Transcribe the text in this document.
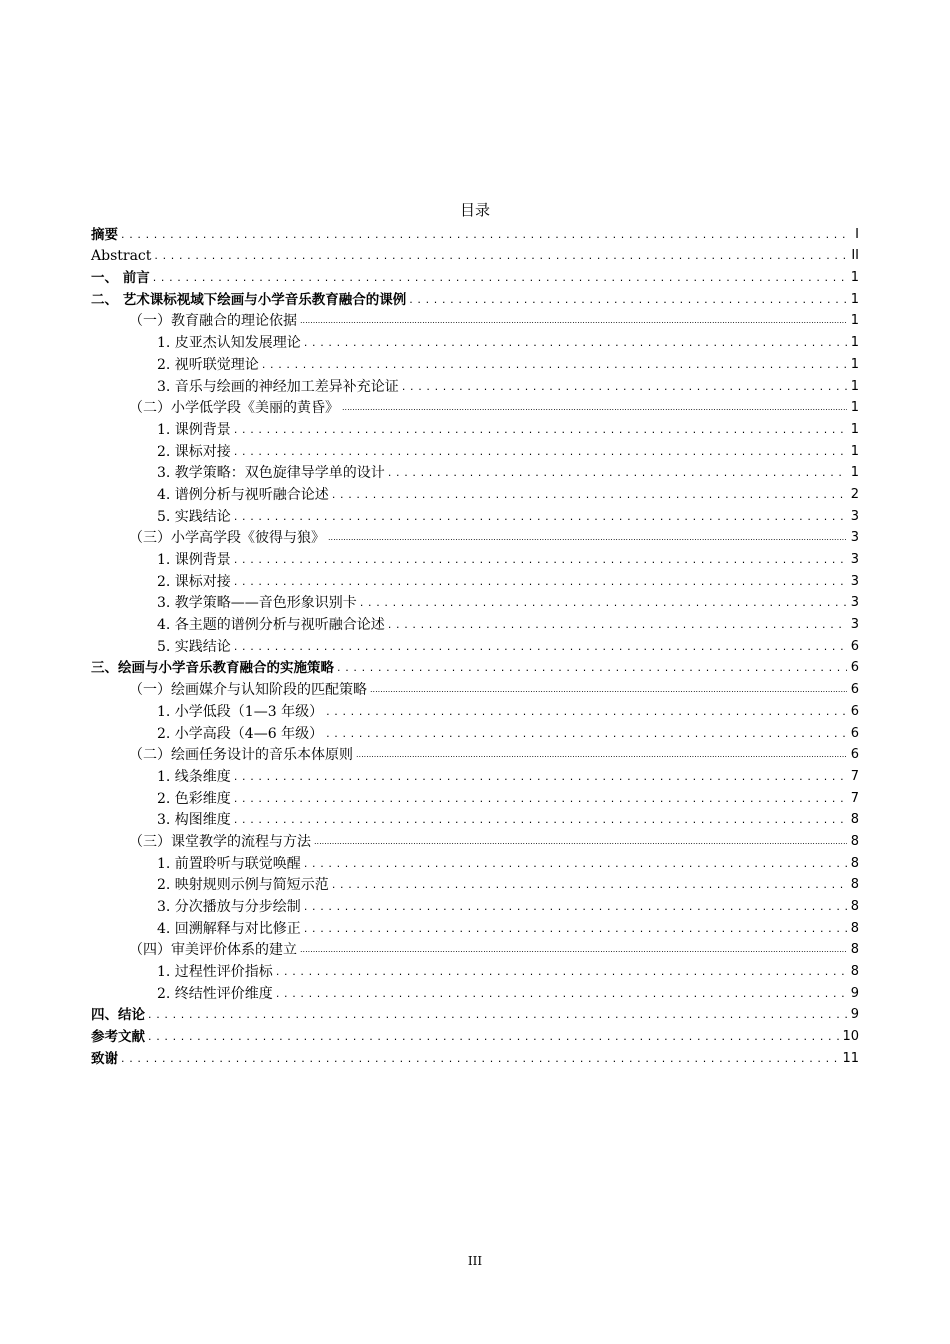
目录
摘要 . . .	I
Abstract . . .	II
一、 前言 . . .	1
二、 艺术课标视域下绘画与小学音乐教育融合的课例 . . .	1
（一）教育融合的理论依据 .....	1
1. 皮亚杰认知发展理论 . . .	1
2. 视听联觉理论 . . .	1
3. 音乐与绘画的神经加工差异补充论证 . . .	1
（二）小学低学段《美丽的黄昏》 .....	1
1. 课例背景 . . .	1
2. 课标对接 . . .	1
3. 教学策略：双色旋律导学单的设计 . . .	1
4. 谱例分析与视听融合论述 . . .	2
5. 实践结论 . . .	3
（三）小学高学段《彼得与狼》 .....	3
1. 课例背景 . . .	3
2. 课标对接 . . .	3
3. 教学策略——音色形象识别卡 . . .	3
4. 各主题的谱例分析与视听融合论述 . . .	3
5. 实践结论 . . .	6
三、绘画与小学音乐教育融合的实施策略 . . .	6
（一）绘画媒介与认知阶段的匹配策略 .....	6
1. 小学低段（1—3 年级） . . .	6
2. 小学高段（4—6 年级） . . .	6
（二）绘画任务设计的音乐本体原则 .....	6
1. 线条维度 . . .	7
2. 色彩维度 . . .	7
3. 构图维度 . . .	8
（三）课堂教学的流程与方法 .....	8
1. 前置聆听与联觉唤醒 . . .	8
2. 映射规则示例与简短示范 . . .	8
3. 分次播放与分步绘制 . . .	8
4. 回溯解释与对比修正 . . .	8
（四）审美评价体系的建立 .....	8
1. 过程性评价指标 . . .	8
2. 终结性评价维度 . . .	9
四、结论 . . .	9
参考文献 . . .	10
致谢 . . .	11
III
